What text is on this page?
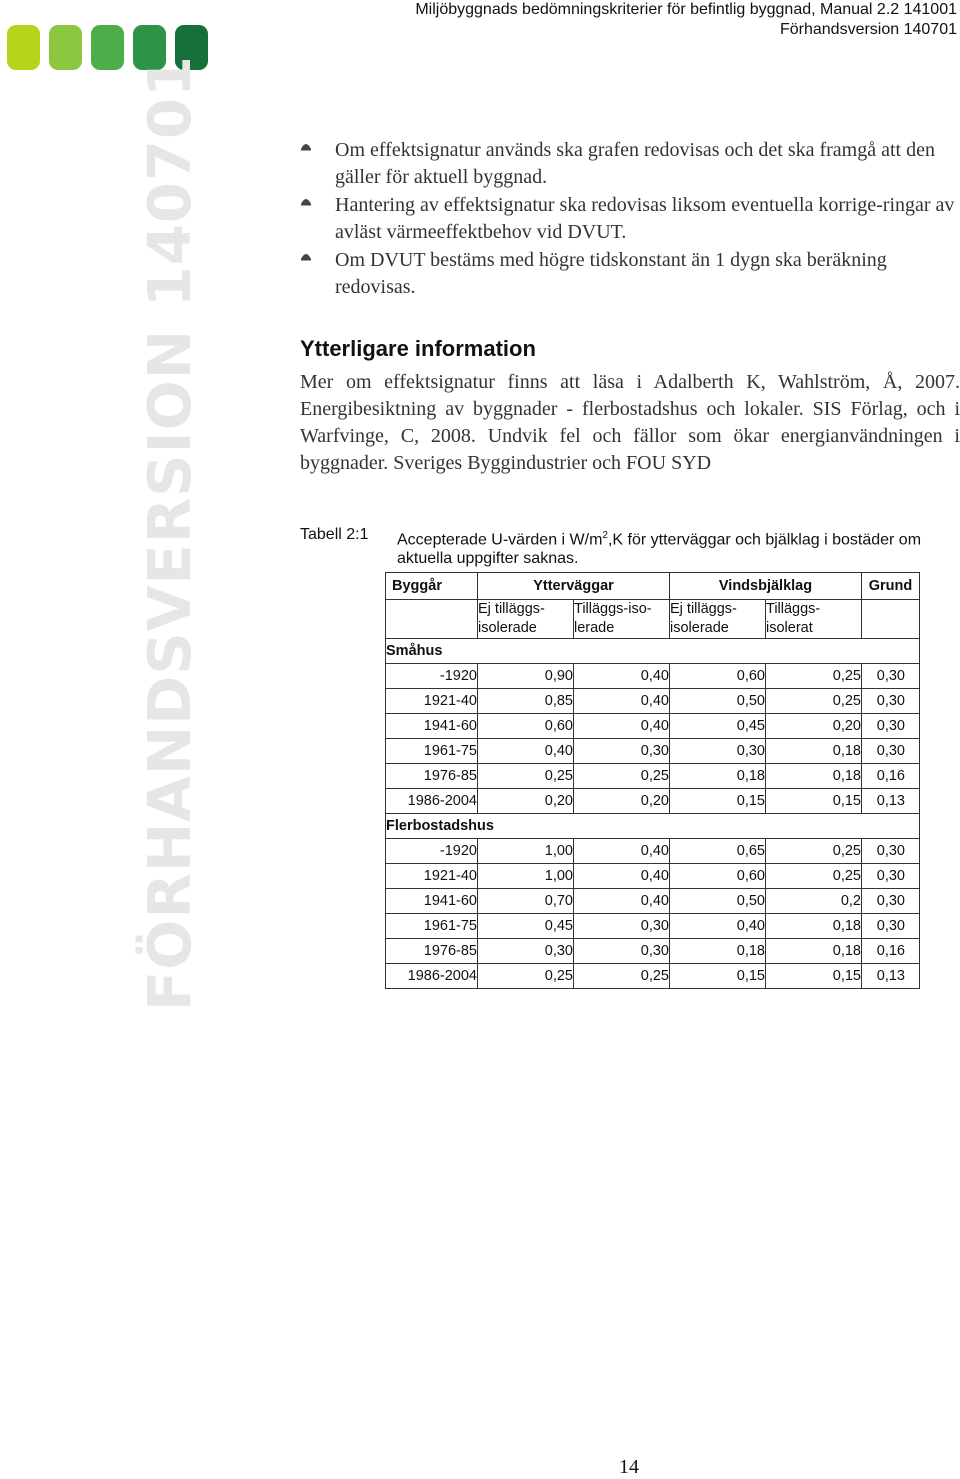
Miljöbyggnads bedömningskriterier för befintlig byggnad, Manual 2.2 141001
Förhandsversion 140701
FÖRHANDSVERSION 140701	Om effektsignatur används ska grafen redovisas och det ska framgå att den gäller för aktuell byggnad.
Hantering av effektsignatur ska redovisas liksom eventuella korrige-ringar av avläst värmeeffektbehov vid DVUT.
Om DVUT bestäms med högre tidskonstant än 1 dygn ska beräkning redovisas.
Ytterligare information
Mer om effektsignatur finns att läsa i Adalberth K, Wahlström, Å, 2007. Energibesiktning av byggnader - flerbostadshus och lokaler. SIS Förlag, och i Warfvinge, C, 2008. Undvik fel och fällor som ökar energianvändningen i byggnader. Sveriges Byggindustrier och FOU SYD
Tabell 2:1 Accepterade U-värden i $W/m^2,K$ för ytterväggar och bjälklag i bostäder om aktuella uppgifter saknas.
Byggår	Ytterväggar		Vindsbjälklag		Grund
	Ej tilläggs-isolerade	Tilläggs-iso-lerade	Ej tilläggs-isolerade	Tilläggs-isolerat	
Småhus					
-1920	0,90	0,40	0,60	0,25	0,30
1921-40	0,85	0,40	0,50	0,25	0,30
1941-60	0,60	0,40	0,45	0,20	0,30
1961-75	0,40	0,30	0,30	0,18	0,30
1976-85	0,25	0,25	0,18	0,18	0,16
1986-2004	0,20	0,20	0,15	0,15	0,13
Flerbostadshus					
-1920	1,00	0,40	0,65	0,25	0,30
1921-40	1,00	0,40	0,60	0,25	0,30
1941-60	0,70	0,40	0,50	0,2	0,30
1961-75	0,45	0,30	0,40	0,18	0,30
1976-85	0,30	0,30	0,18	0,18	0,16
1986-2004	0,25	0,25	0,15	0,15	0,13
14
